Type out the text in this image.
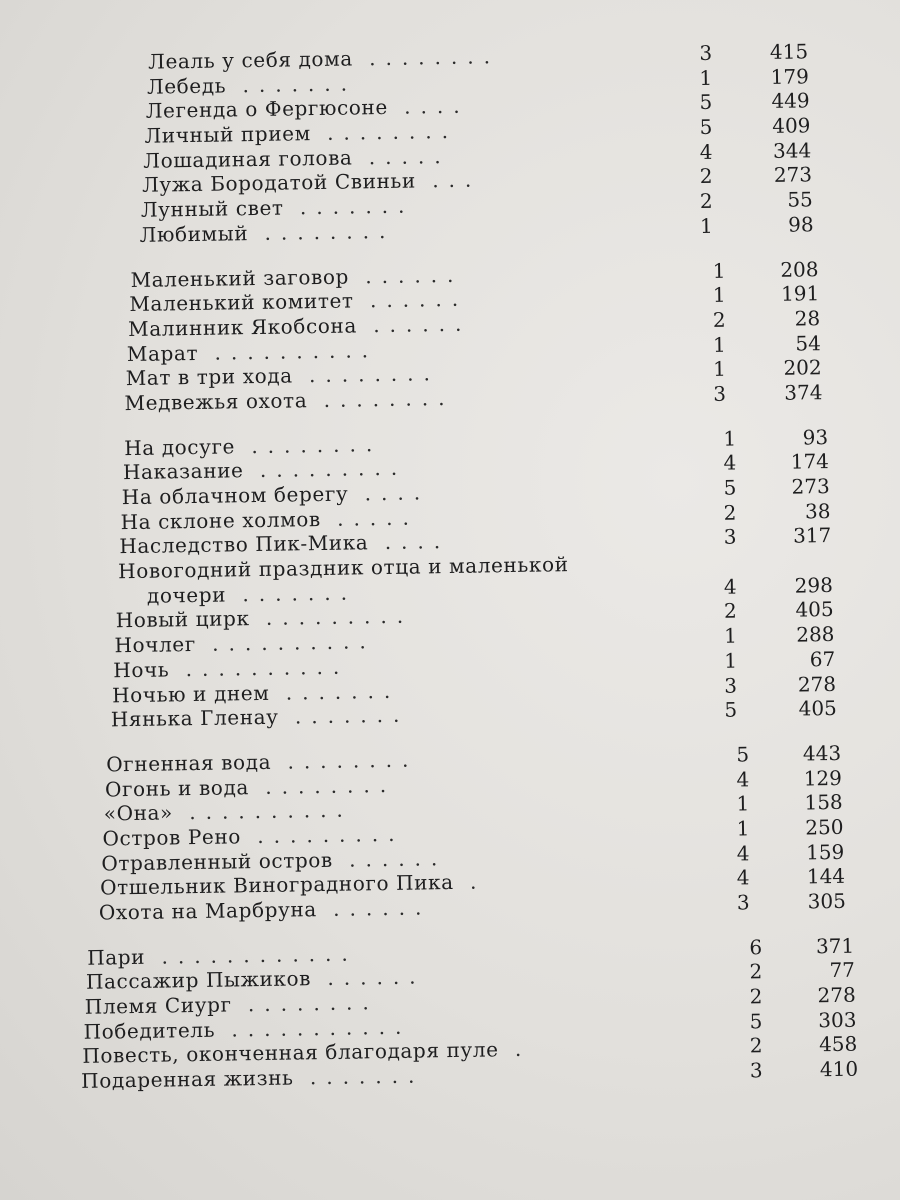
Леаль у себя дома ........	3	415
Лебедь .......	1	179
Легенда о Фергюсоне ....	5	449
Личный прием ........	5	409
Лошадиная голова .....	4	344
Лужа Бородатой Свиньи ...	2	273
Лунный свет .......	2	55
Любимый ........	1	98
Маленький заговор ......	1	208
Маленький комитет ......	1	191
Малинник Якобсона ......	2	28
Марат ..........	1	54
Мат в три хода ........	1	202
Медвежья охота ........	3	374
На досуге ........	1	93
Наказание .........	4	174
На облачном берегу ....	5	273
На склоне холмов .....	2	38
Наследство Пик-Мика ....	3	317
Новогодний праздник отца и маленькой
дочери .......	4	298
Новый цирк .........	2	405
Ночлег ..........	1	288
Ночь ..........	1	67
Ночью и днем .......	3	278
Нянька Гленау .......	5	405
Огненная вода ........	5	443
Огонь и вода ........	4	129
«Она» ..........	1	158
Остров Рено .........	1	250
Отравленный остров ......	4	159
Отшельник Виноградного Пика .	4	144
Охота на Марбруна ......	3	305
Пари ............	6	371
Пассажир Пыжиков ......	2	77
Племя Сиург ........	2	278
Победитель ...........	5	303
Повесть, оконченная благодаря пуле .	2	458
Подаренная жизнь .......	3	410
